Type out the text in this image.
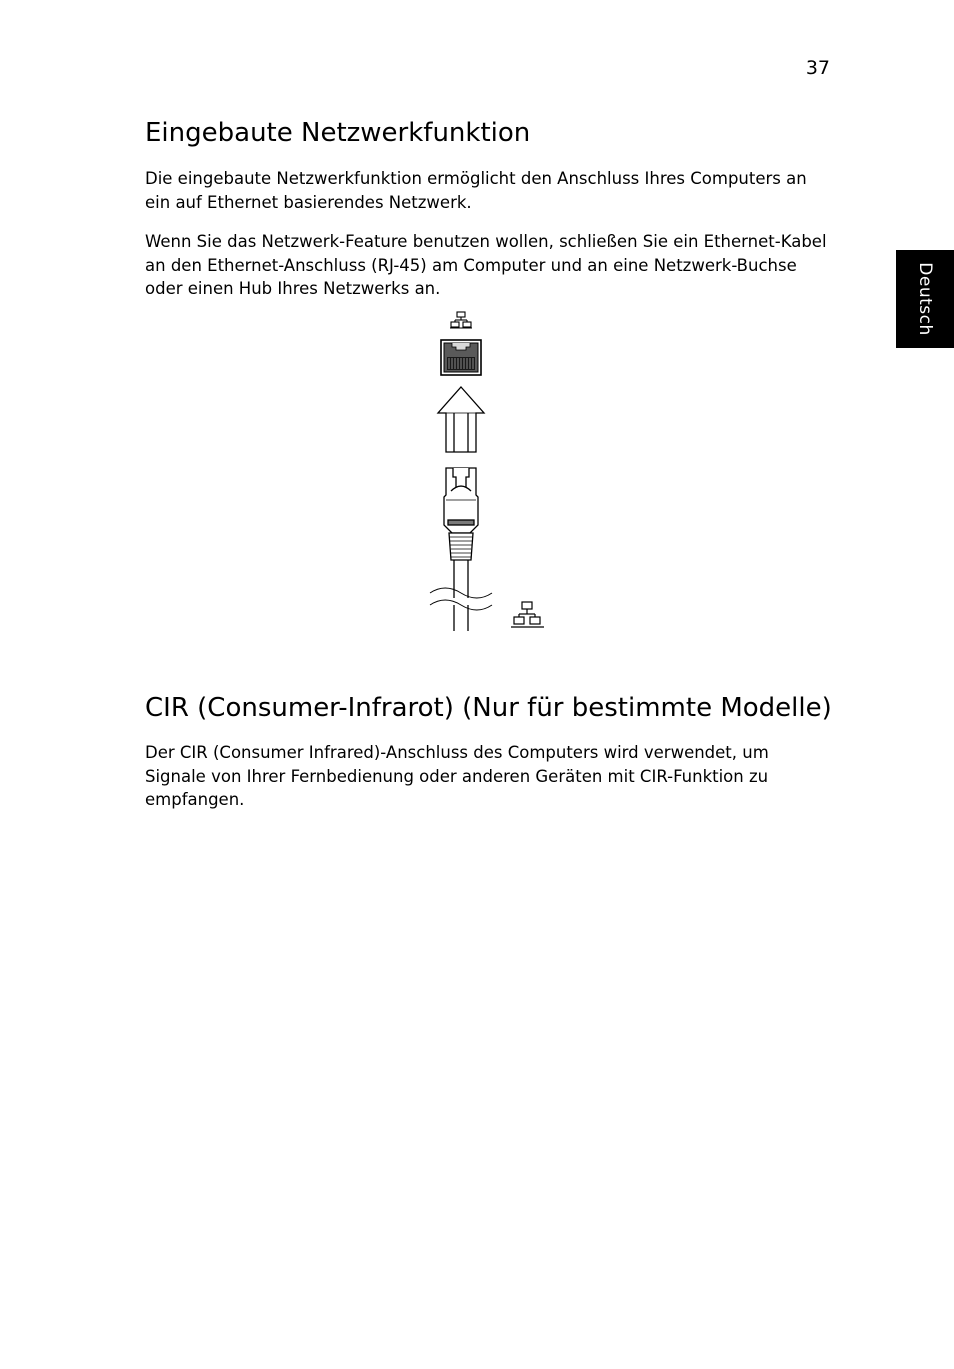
37
Deutsch
Eingebaute Netzwerkfunktion

Die eingebaute Netzwerkfunktion ermöglicht den Anschluss Ihres Computers an ein auf Ethernet basierendes Netzwerk.

Wenn Sie das Netzwerk-Feature benutzen wollen, schließen Sie ein Ethernet-Kabel an den Ethernet-Anschluss (RJ-45) am Computer und an eine Netzwerk-Buchse oder einen Hub Ihres Netzwerks an.

CIR (Consumer-Infrarot) (Nur für bestimmte Modelle)

Der CIR (Consumer Infrared)-Anschluss des Computers wird verwendet, um Signale von Ihrer Fernbedienung oder anderen Geräten mit CIR-Funktion zu empfangen.
